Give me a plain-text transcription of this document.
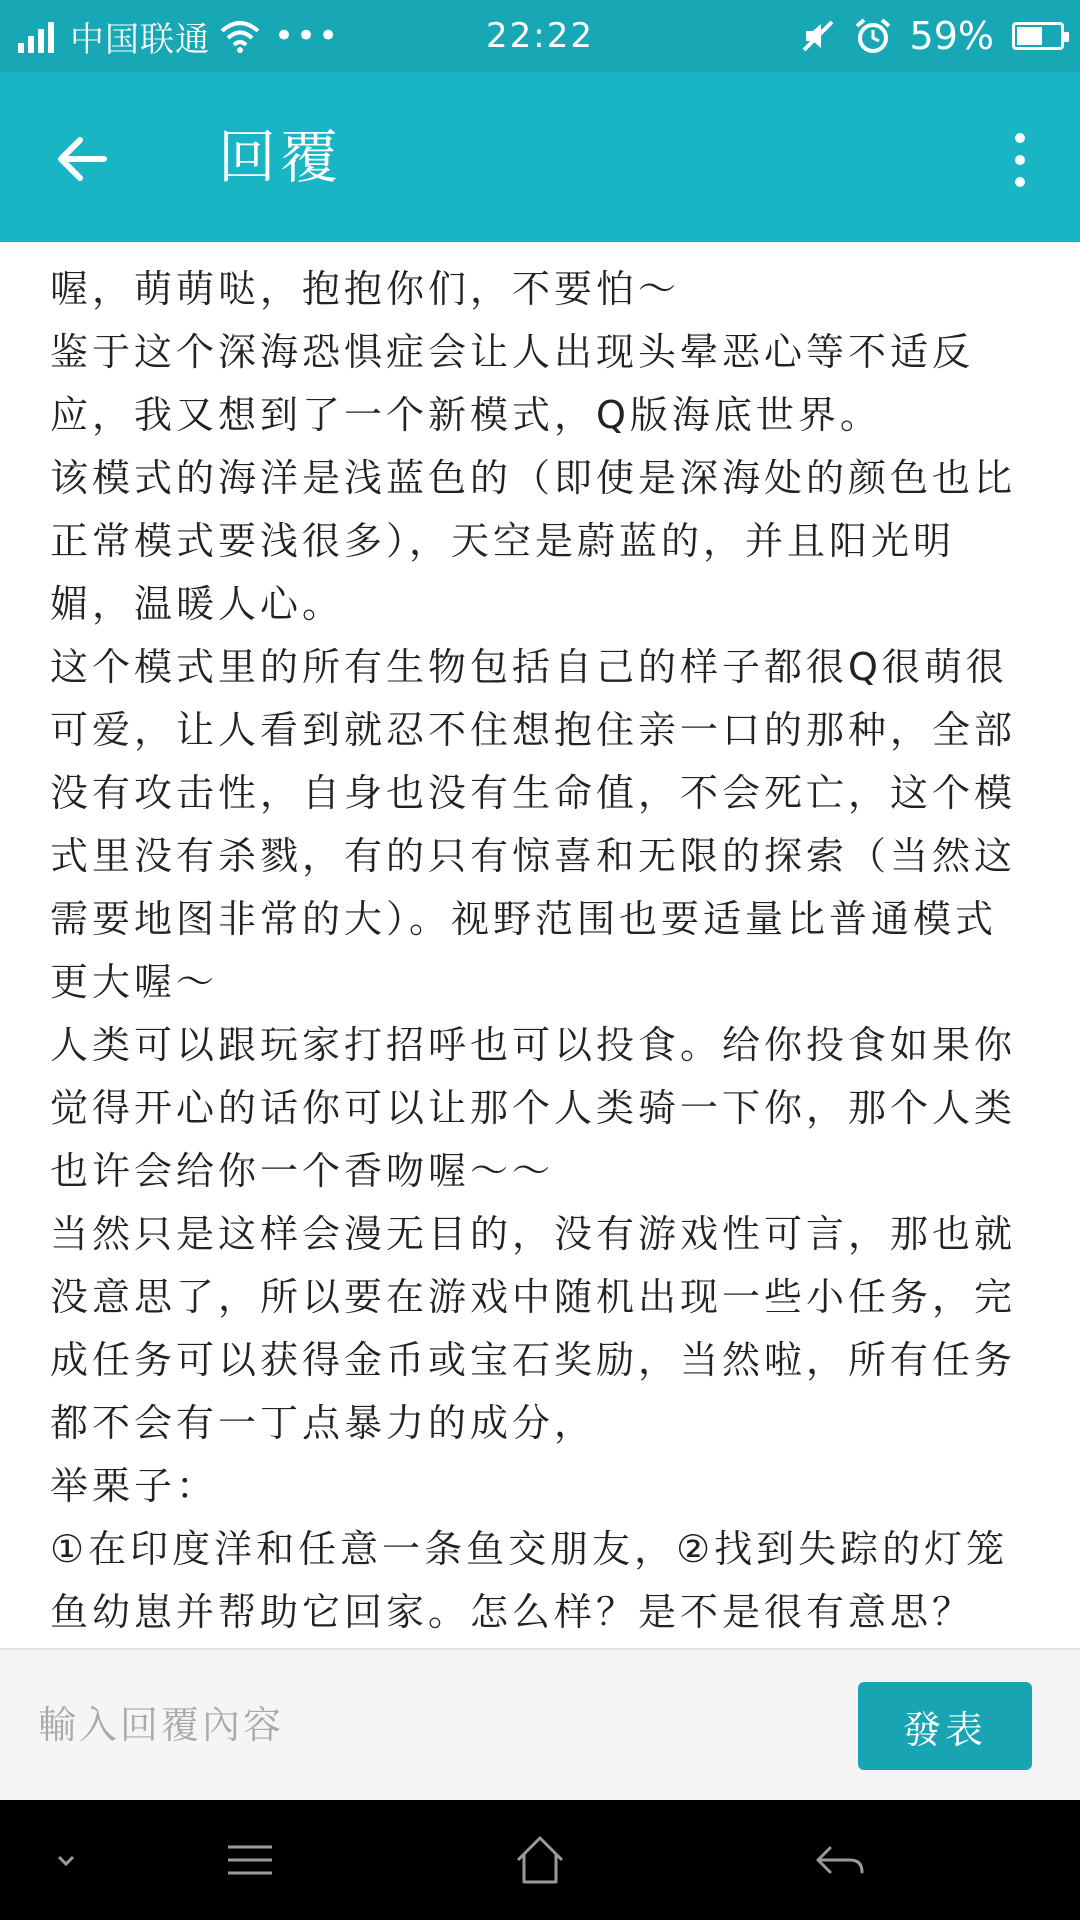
中国联通 •••	22:22	59%
回覆
喔，萌萌哒，抱抱你们，不要怕～
鉴于这个深海恐惧症会让人出现头晕恶心等不适反应，我又想到了一个新模式，Q版海底世界。
该模式的海洋是浅蓝色的（即使是深海处的颜色也比正常模式要浅很多），天空是蔚蓝的，并且阳光明媚，温暖人心。
这个模式里的所有生物包括自己的样子都很Q很萌很可爱，让人看到就忍不住想抱住亲一口的那种，全部没有攻击性，自身也没有生命值，不会死亡，这个模式里没有杀戮，有的只有惊喜和无限的探索（当然这需要地图非常的大）。视野范围也要适量比普通模式更大喔～
人类可以跟玩家打招呼也可以投食。给你投食如果你觉得开心的话你可以让那个人类骑一下你，那个人类也许会给你一个香吻喔～～
当然只是这样会漫无目的，没有游戏性可言，那也就没意思了，所以要在游戏中随机出现一些小任务，完成任务可以获得金币或宝石奖励，当然啦，所有任务都不会有一丁点暴力的成分，
举栗子：
①在印度洋和任意一条鱼交朋友，②找到失踪的灯笼鱼幼崽并帮助它回家。怎么样？是不是很有意思？
輸入回覆內容
發表
